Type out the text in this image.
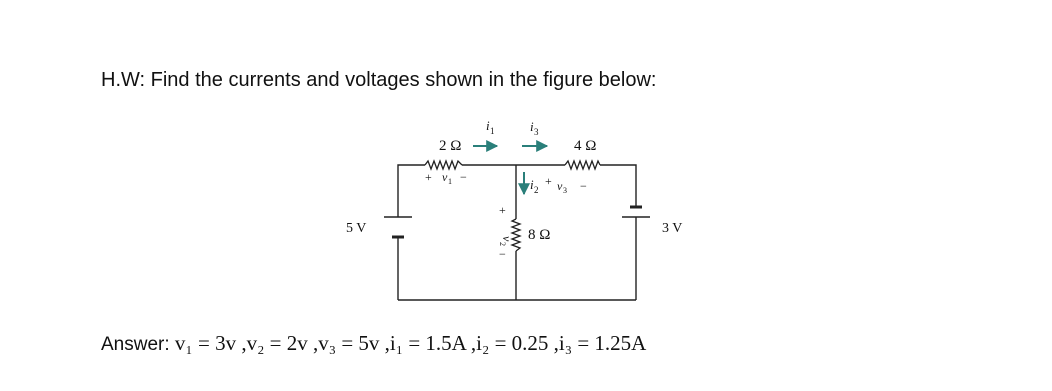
H.W: Find the currents and voltages shown in the figure below:
5 V	3 V
2 Ω	4 Ω
8 Ω
i 1	i 3
i 2
+ v 1 −	+ v 3 −
+
v
2
−
Answer: v₁ = 3v ,v₂ = 2v ,v₃ = 5v ,i₁ = 1.5A ,i₂ = 0.25 ,i₃ = 1.25A
